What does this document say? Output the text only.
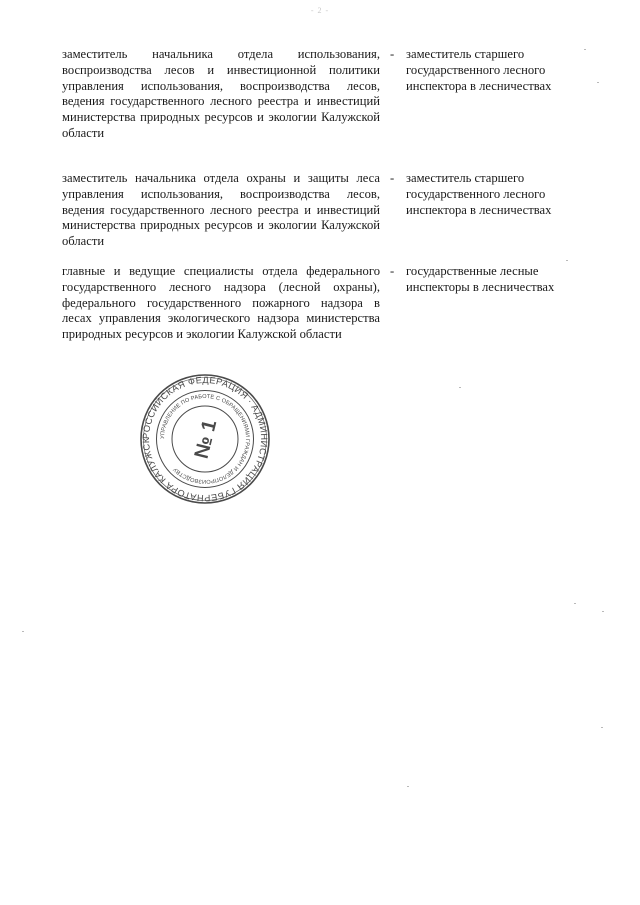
- 2 -
заместитель начальника отдела использования, воспроизводства лесов и инвестиционной политики управления использования, воспроизводства лесов, ведения государственного лесного реестра и инвестиций министерства природных ресурсов и экологии Калужской области
- заместитель старшего государственного лесного инспектора в лесничествах
заместитель начальника отдела охраны и защиты леса управления использования, воспроизводства лесов, ведения государственного лесного реестра и инвестиций министерства природных ресурсов и экологии Калужской области
- заместитель старшего государственного лесного инспектора в лесничествах
главные и ведущие специалисты отдела федерального государственного лесного надзора (лесной охраны), федерального государственного пожарного надзора в лесах управления экологического надзора министерства природных ресурсов и экологии Калужской области
- государственные лесные инспекторы в лесничествах
РОССИЙСКАЯ ФЕДЕРАЦИЯ · АДМИНИСТРАЦИЯ ГУБЕРНАТОРА КАЛУЖСК
УПРАВЛЕНИЕ ПО РАБОТЕ С ОБРАЩЕНИЯМИ ГРАЖДАН И ДЕЛОПРОИЗВОДСТВУ
№ 1
